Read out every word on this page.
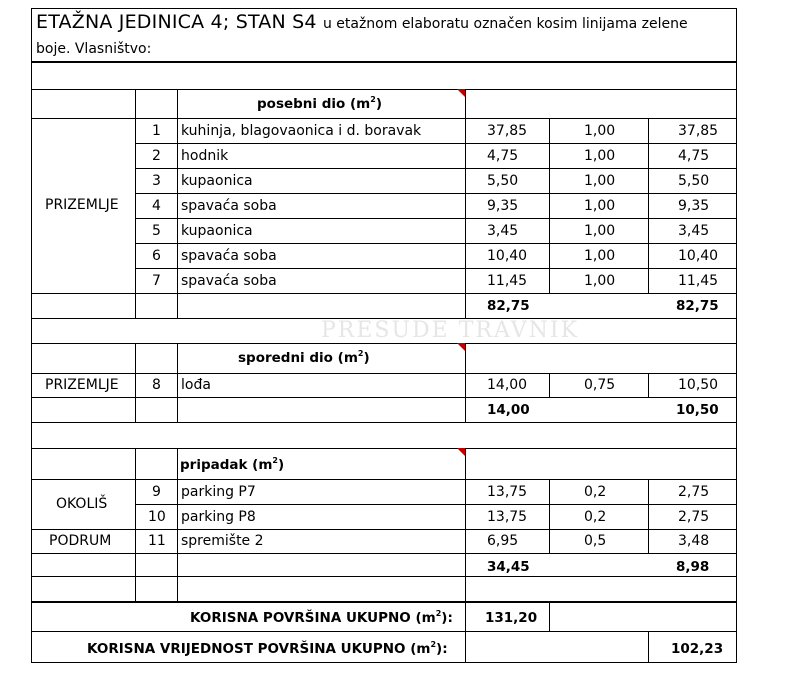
ETAŽNA JEDINICA 4; STAN S4 u etažnom elaboratu označen kosim linijama zelene
boje. Vlasništvo:
PRESUDE TRAVNIK
posebni dio $(m^2)$
PRIZEMLJE
1 kuhinja, blagovaonica i d. boravak	37,85	1,00	37,85
2 hodnik	4,75	1,00	4,75
3 kupaonica	5,50	1,00	5,50
4 spavaća soba	9,35	1,00	9,35
5 kupaonica	3,45	1,00	3,45
6 spavaća soba	10,40	1,00	10,40
7 spavaća soba	11,45	1,00	11,45
82,75	82,75
sporedni dio $(m^2)$
PRIZEMLJE 8 lođa	14,00	0,75	10,50
14,00	10,50
pripadak $(m^2)$
OKOLIŠ
PODRUM
9 parking P7	13,75	0,2	2,75
10 parking P8	13,75	0,2	2,75
11 spremište 2	6,95	0,5	3,48
34,45	8,98
KORISNA POVRŠINA UKUPNO $(m^2)$: 131,20
KORISNA VRIJEDNOST POVRŠINA UKUPNO $(m^2)$:	102,23
